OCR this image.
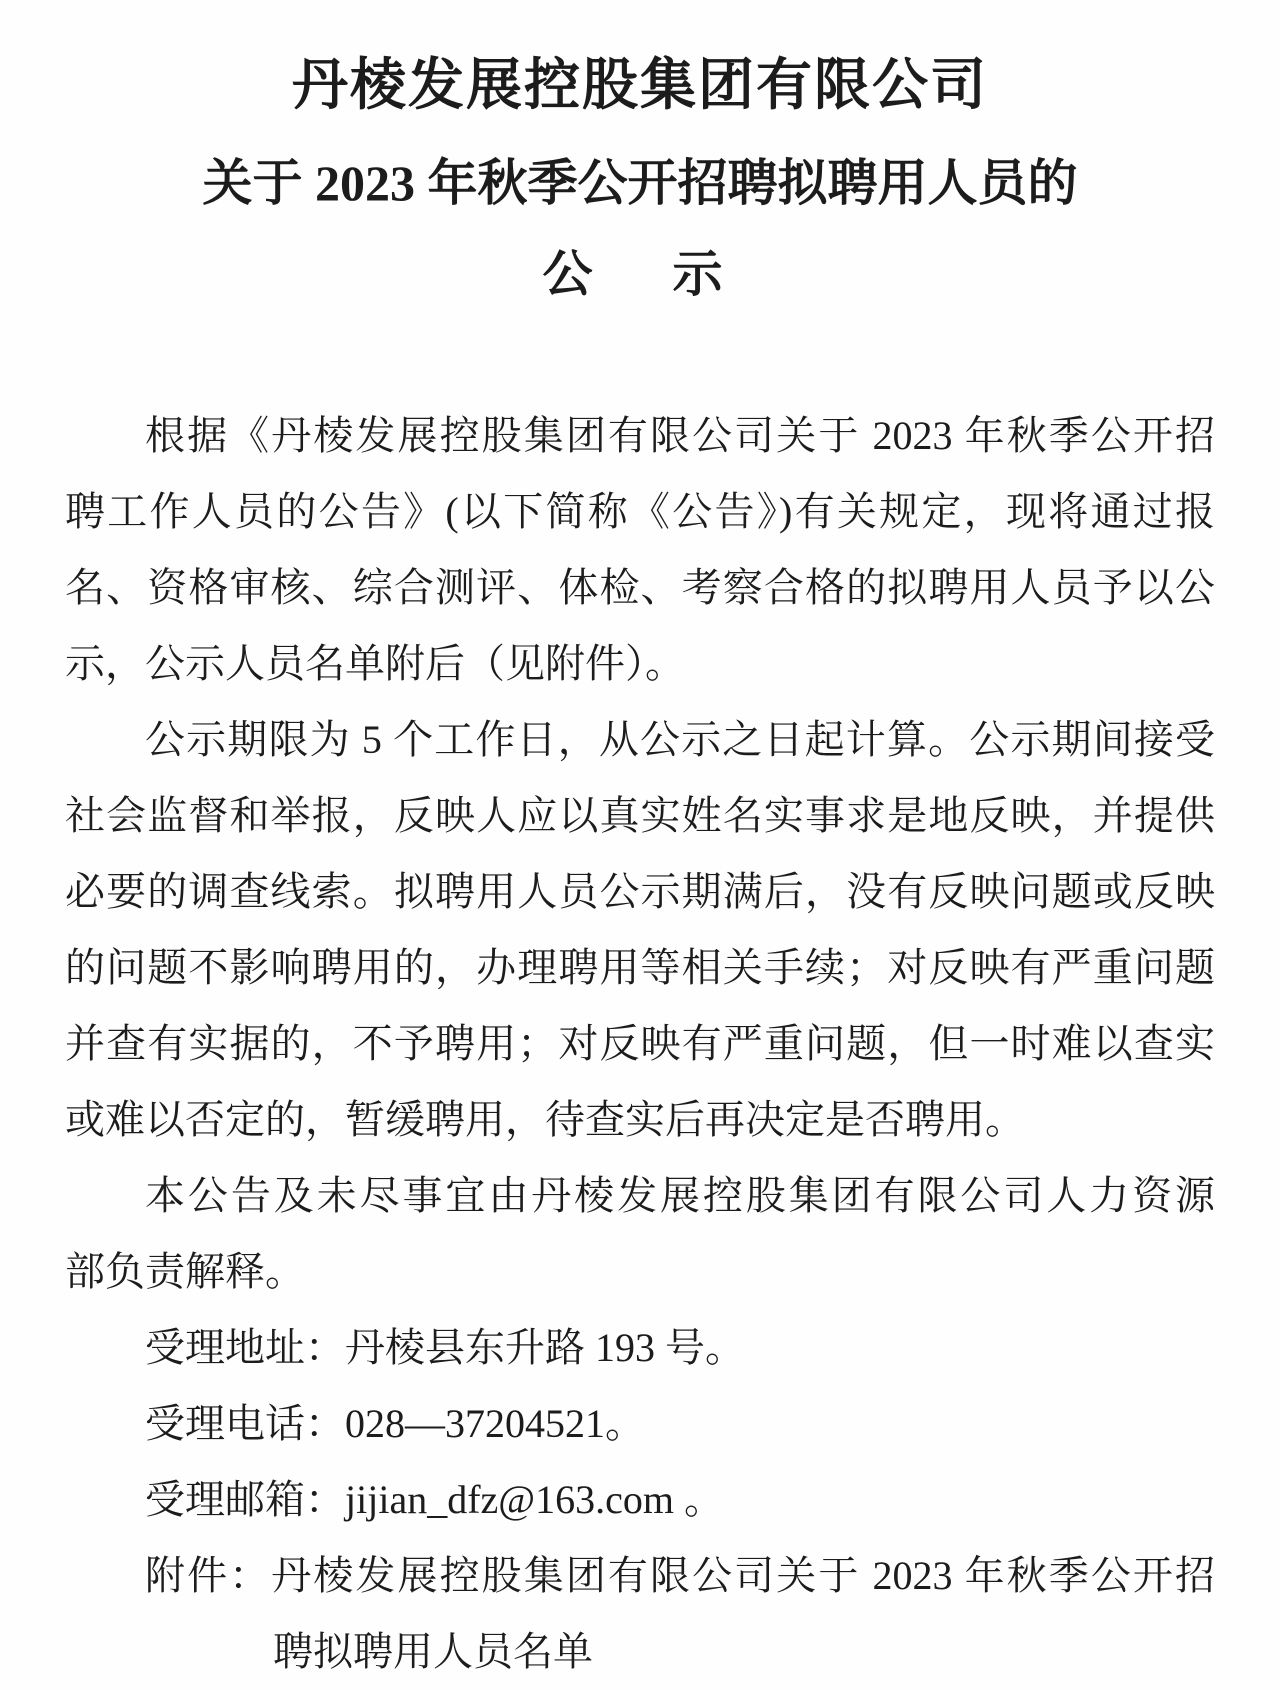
丹棱发展控股集团有限公司
关于 2023 年秋季公开招聘拟聘用人员的
公　示
根据《丹棱发展控股集团有限公司关于 2023 年秋季公开招
聘工作人员的公告》(以下简称《公告》)有关规定，现将通过报
名、资格审核、综合测评、体检、考察合格的拟聘用人员予以公
示，公示人员名单附后（见附件）。
公示期限为 5 个工作日，从公示之日起计算。公示期间接受
社会监督和举报，反映人应以真实姓名实事求是地反映，并提供
必要的调查线索。拟聘用人员公示期满后，没有反映问题或反映
的问题不影响聘用的，办理聘用等相关手续；对反映有严重问题
并查有实据的，不予聘用；对反映有严重问题，但一时难以查实
或难以否定的，暂缓聘用，待查实后再决定是否聘用。
本公告及未尽事宜由丹棱发展控股集团有限公司人力资源
部负责解释。
受理地址：丹棱县东升路 193 号。
受理电话：028—37204521。
受理邮箱：jijian_dfz@163.com 。
附件：丹棱发展控股集团有限公司关于 2023 年秋季公开招
聘拟聘用人员名单
